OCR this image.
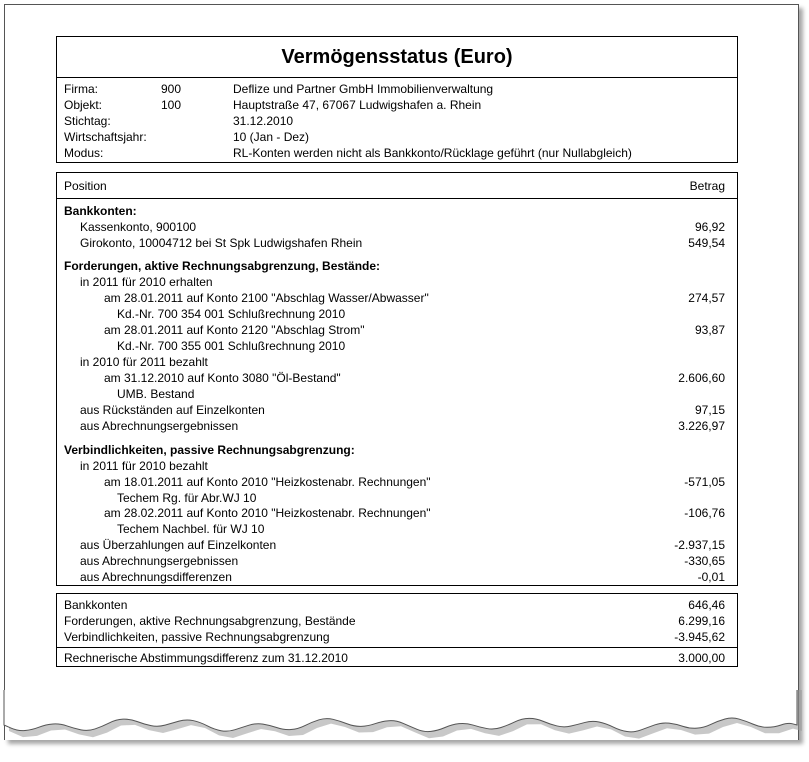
Vermögensstatus (Euro)
Firma:	900	Deflize und Partner GmbH Immobilienverwaltung
Objekt:	100	Hauptstraße 47, 67067 Ludwigshafen a. Rhein
Stichtag:	31.12.2010
Wirtschaftsjahr:	10 (Jan - Dez)
Modus:	RL-Konten werden nicht als Bankkonto/Rücklage geführt (nur Nullabgleich)
Position	Betrag
Bankkonten:
Kassenkonto, 900100	96,92
Girokonto, 10004712 bei St Spk Ludwigshafen Rhein	549,54
Forderungen, aktive Rechnungsabgrenzung, Bestände:
in 2011 für 2010 erhalten
am 28.01.2011 auf Konto 2100 "Abschlag Wasser/Abwasser"	274,57
Kd.-Nr. 700 354 001 Schlußrechnung 2010
am 28.01.2011 auf Konto 2120 "Abschlag Strom"	93,87
Kd.-Nr. 700 355 001 Schlußrechnung 2010
in 2010 für 2011 bezahlt
am 31.12.2010 auf Konto 3080 "Öl-Bestand"	2.606,60
UMB. Bestand
aus Rückständen auf Einzelkonten	97,15
aus Abrechnungsergebnissen	3.226,97
Verbindlichkeiten, passive Rechnungsabgrenzung:
in 2011 für 2010 bezahlt
am 18.01.2011 auf Konto 2010 "Heizkostenabr. Rechnungen"	-571,05
Techem Rg. für Abr.WJ 10
am 28.02.2011 auf Konto 2010 "Heizkostenabr. Rechnungen"	-106,76
Techem Nachbel. für WJ 10
aus Überzahlungen auf Einzelkonten	-2.937,15
aus Abrechnungsergebnissen	-330,65
aus Abrechnungsdifferenzen	-0,01
Bankkonten	646,46
Forderungen, aktive Rechnungsabgrenzung, Bestände	6.299,16
Verbindlichkeiten, passive Rechnungsabgrenzung	-3.945,62
Rechnerische Abstimmungsdifferenz zum 31.12.2010	3.000,00
